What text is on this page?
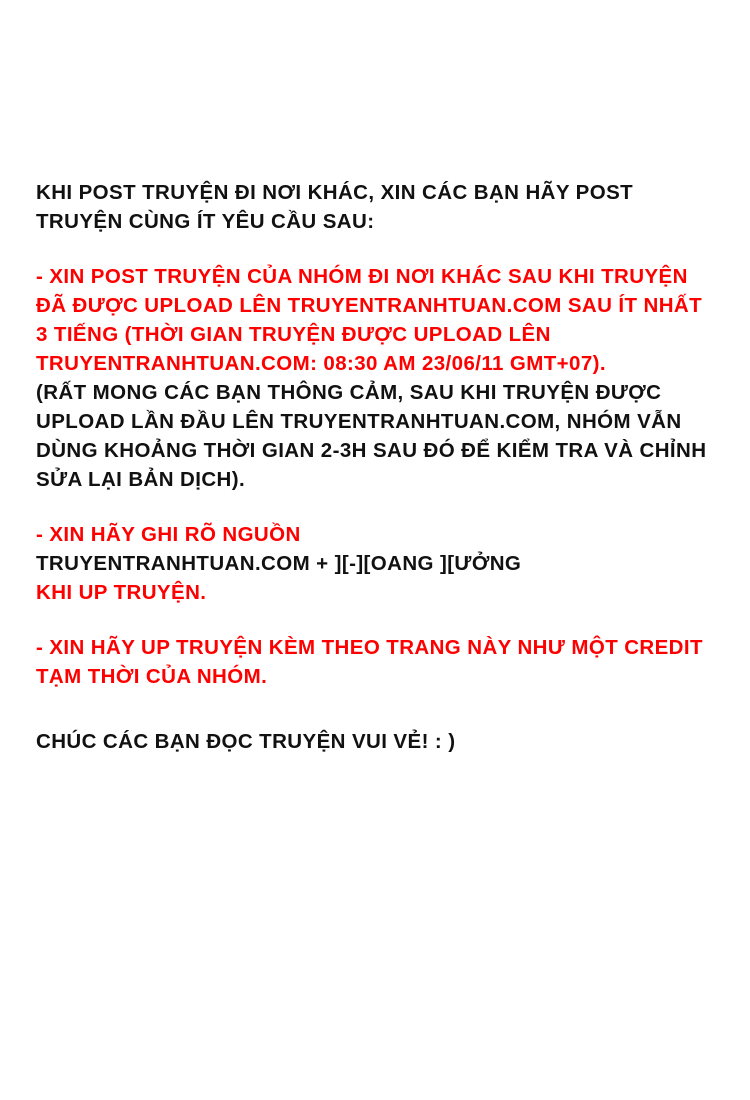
KHI POST TRUYỆN ĐI NƠI KHÁC, XIN CÁC BẠN HÃY POST TRUYỆN CÙNG ÍT YÊU CẦU SAU:

- XIN POST TRUYỆN CỦA NHÓM ĐI NƠI KHÁC SAU KHI TRUYỆN ĐÃ ĐƯỢC UPLOAD LÊN TRUYENTRANHTUAN.COM SAU ÍT NHẤT 3 TIẾNG (THỜI GIAN TRUYỆN ĐƯỢC UPLOAD LÊN TRUYENTRANHTUAN.COM: 08:30 AM 23/06/11 GMT+07).

(RẤT MONG CÁC BẠN THÔNG CẢM, SAU KHI TRUYỆN ĐƯỢC UPLOAD LẦN ĐẦU LÊN TRUYENTRANHTUAN.COM, NHÓM VẪN DÙNG KHOẢNG THỜI GIAN 2-3H SAU ĐÓ ĐỂ KIỂM TRA VÀ CHỈNH SỬA LẠI BẢN DỊCH).

- XIN HÃY GHI RÕ NGUỒN

TRUYENTRANHTUAN.COM + ][-][OANG ][ƯỞNG

KHI UP TRUYỆN.

- XIN HÃY UP TRUYỆN KÈM THEO TRANG NÀY NHƯ MỘT CREDIT TẠM THỜI CỦA NHÓM.

CHÚC CÁC BẠN ĐỌC TRUYỆN VUI VẺ! : )
